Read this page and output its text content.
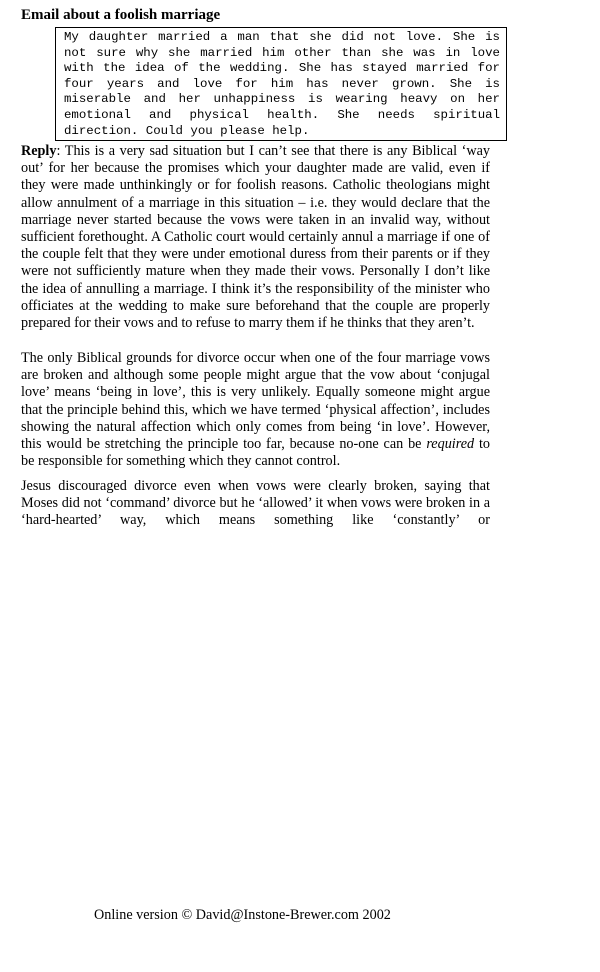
Email about a foolish marriage
My daughter married a man that she did not love. She is not sure why she married him other than she was in love with the idea of the wedding. She has stayed married for four years and love for him has never grown. She is miserable and her unhappiness is wearing heavy on her emotional and physical health. She needs spiritual direction. Could you please help.

Reply: This is a very sad situation but I can’t see that there is any Biblical ‘way out’ for her because the promises which your daughter made are valid, even if they were made unthinkingly or for foolish reasons. Catholic theologians might allow annulment of a marriage in this situation – i.e. they would declare that the marriage never started because the vows were taken in an invalid way, without sufficient forethought. A Catholic court would certainly annul a marriage if one of the couple felt that they were under emotional duress from their parents or if they were not sufficiently mature when they made their vows. Personally I don’t like the idea of annulling a marriage. I think it’s the responsibility of the minister who officiates at the wedding to make sure beforehand that the couple are properly prepared for their vows and to refuse to marry them if he thinks that they aren’t.

The only Biblical grounds for divorce occur when one of the four marriage vows are broken and although some people might argue that the vow about ‘conjugal love’ means ‘being in love’, this is very unlikely. Equally someone might argue that the principle behind this, which we have termed ‘physical affection’, includes showing the natural affection which only comes from being ‘in love’. However, this would be stretching the principle too far, because no-one can be required to be responsible for something which they cannot control.

Jesus discouraged divorce even when vows were clearly broken, saying that Moses did not ‘command’ divorce but he ‘allowed’ it when vows were broken in a ‘hard-hearted’ way, which means something like ‘constantly’ or

Online version © David@Instone-Brewer.com 2002
